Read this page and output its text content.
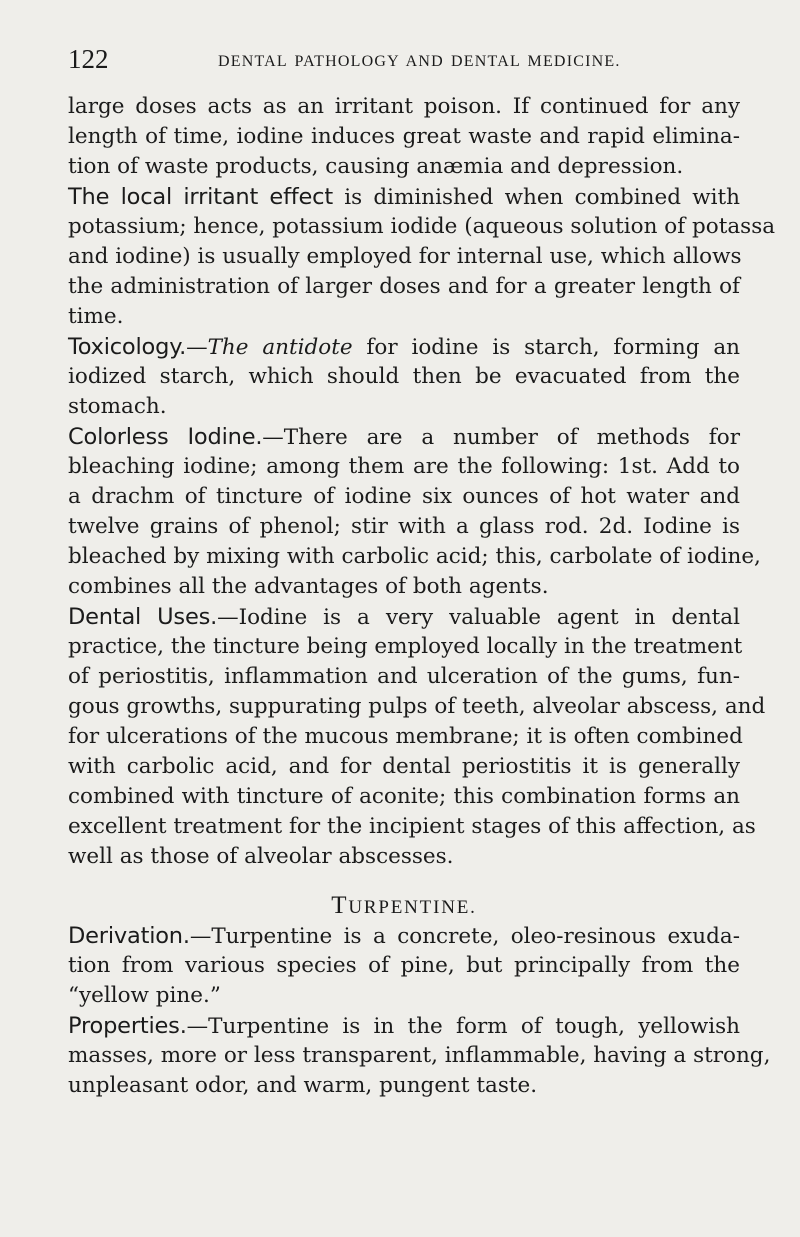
122	DENTAL PATHOLOGY AND DENTAL MEDICINE.

large doses acts as an irritant poison. If continued for any
length of time, iodine induces great waste and rapid elimina-
tion of waste products, causing anæmia and depression.

The local irritant effect is diminished when combined with
potassium; hence, potassium iodide (aqueous solution of potassa
and iodine) is usually employed for internal use, which allows
the administration of larger doses and for a greater length of
time.

Toxicology.—The antidote for iodine is starch, forming an
iodized starch, which should then be evacuated from the
stomach.

Colorless Iodine.—There are a number of methods for
bleaching iodine; among them are the following: 1st. Add to
a drachm of tincture of iodine six ounces of hot water and
twelve grains of phenol; stir with a glass rod. 2d. Iodine is
bleached by mixing with carbolic acid; this, carbolate of iodine,
combines all the advantages of both agents.

Dental Uses.—Iodine is a very valuable agent in dental
practice, the tincture being employed locally in the treatment
of periostitis, inflammation and ulceration of the gums, fun-
gous growths, suppurating pulps of teeth, alveolar abscess, and
for ulcerations of the mucous membrane; it is often combined
with carbolic acid, and for dental periostitis it is generally
combined with tincture of aconite; this combination forms an
excellent treatment for the incipient stages of this affection, as
well as those of alveolar abscesses.

TURPENTINE.

Derivation.—Turpentine is a concrete, oleo-resinous exuda-
tion from various species of pine, but principally from the
“yellow pine.”

Properties.—Turpentine is in the form of tough, yellowish
masses, more or less transparent, inflammable, having a strong,
unpleasant odor, and warm, pungent taste.
